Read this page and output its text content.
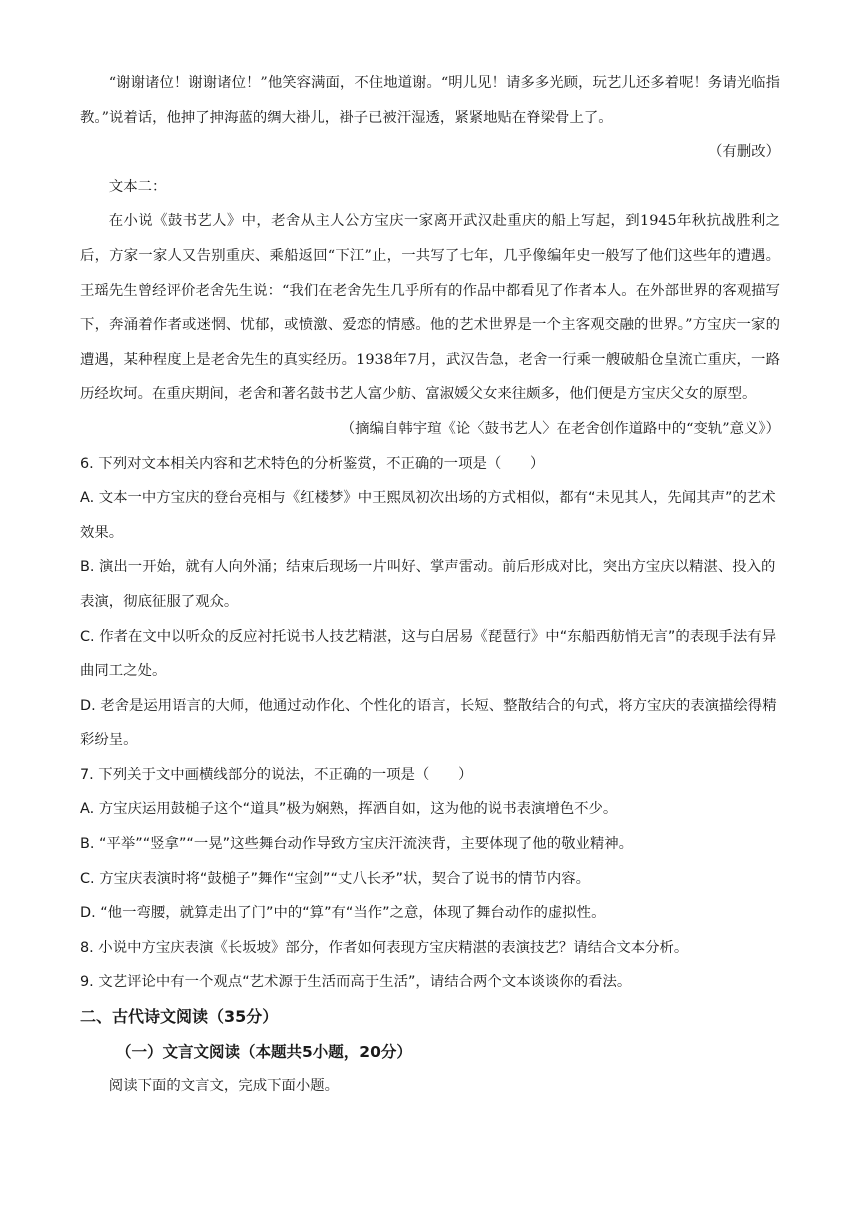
“谢谢诸位！谢谢诸位！”他笑容满面，不住地道谢。“明儿见！请多多光顾，玩艺儿还多着呢！务请光临指教。”说着话，他抻了抻海蓝的绸大褂儿，褂子已被汗湿透，紧紧地贴在脊梁骨上了。

（有删改）

文本二：

在小说《鼓书艺人》中，老舍从主人公方宝庆一家离开武汉赴重庆的船上写起，到1945年秋抗战胜利之后，方家一家人又告别重庆、乘船返回“下江”止，一共写了七年，几乎像编年史一般写了他们这些年的遭遇。王瑶先生曾经评价老舍先生说：“我们在老舍先生几乎所有的作品中都看见了作者本人。在外部世界的客观描写下，奔涌着作者或迷惘、忧郁，或愤激、爱恋的情感。他的艺术世界是一个主客观交融的世界。”方宝庆一家的遭遇，某种程度上是老舍先生的真实经历。1938年7月，武汉告急，老舍一行乘一艘破船仓皇流亡重庆，一路历经坎坷。在重庆期间，老舍和著名鼓书艺人富少舫、富淑媛父女来往颇多，他们便是方宝庆父女的原型。

（摘编自韩宇瑄《论〈鼓书艺人〉在老舍创作道路中的“变轨”意义》）

6. 下列对文本相关内容和艺术特色的分析鉴赏，不正确的一项是（　　）

A. 文本一中方宝庆的登台亮相与《红楼梦》中王熙凤初次出场的方式相似，都有“未见其人，先闻其声”的艺术效果。

B. 演出一开始，就有人向外涌；结束后现场一片叫好、掌声雷动。前后形成对比，突出方宝庆以精湛、投入的表演，彻底征服了观众。

C. 作者在文中以听众的反应衬托说书人技艺精湛，这与白居易《琵琶行》中“东船西舫悄无言”的表现手法有异曲同工之处。

D. 老舍是运用语言的大师，他通过动作化、个性化的语言，长短、整散结合的句式，将方宝庆的表演描绘得精彩纷呈。

7. 下列关于文中画横线部分的说法，不正确的一项是（　　）

A. 方宝庆运用鼓槌子这个“道具”极为娴熟，挥洒自如，这为他的说书表演增色不少。

B. “平举”“竖拿”“一晃”这些舞台动作导致方宝庆汗流浃背，主要体现了他的敬业精神。

C. 方宝庆表演时将“鼓槌子”舞作“宝剑”“丈八长矛”状，契合了说书的情节内容。

D. “他一弯腰，就算走出了门”中的“算”有“当作”之意，体现了舞台动作的虚拟性。

8. 小说中方宝庆表演《长坂坡》部分，作者如何表现方宝庆精湛的表演技艺？请结合文本分析。

9. 文艺评论中有一个观点“艺术源于生活而高于生活”，请结合两个文本谈谈你的看法。

二、古代诗文阅读（35分）

（一）文言文阅读（本题共5小题，20分）

阅读下面的文言文，完成下面小题。
